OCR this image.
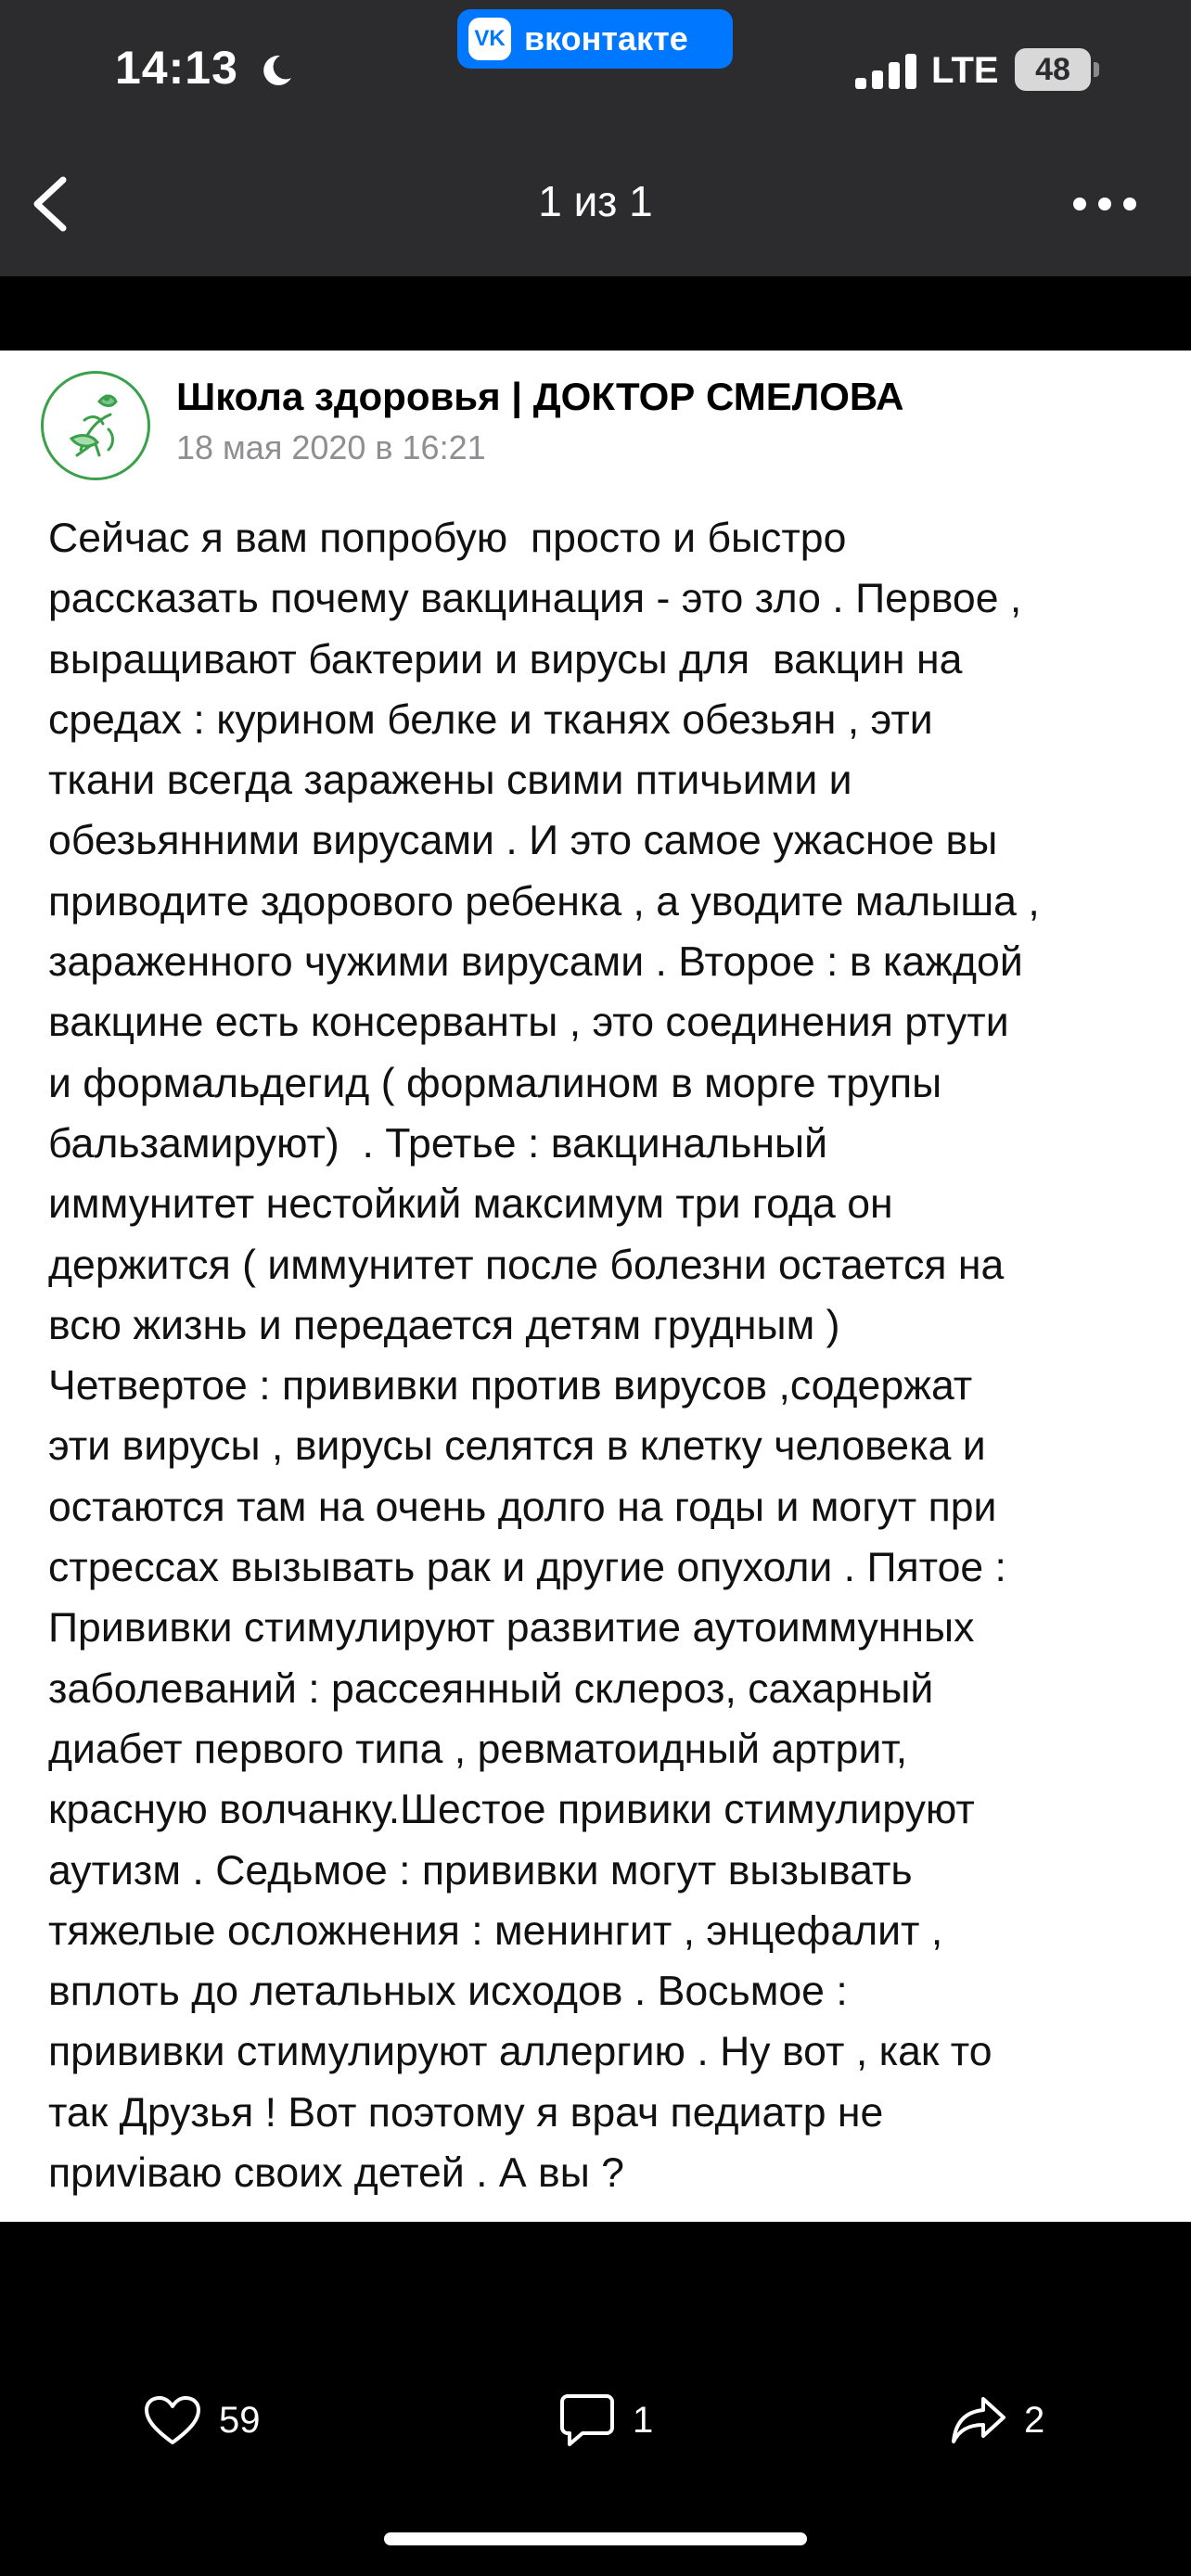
14:13
VK вконтакте
LTE	48
1 из 1
Школа здоровья | ДОКТОР СМЕЛОВА
18 мая 2020 в 16:21
Сейчас я вам попробую  просто и быстро
рассказать почему вакцинация - это зло . Первое ,
выращивают бактерии и вирусы для  вакцин на
средах : курином белке и тканях обезьян , эти
ткани всегда заражены свими птичьими и
обезьянними вирусами . И это самое ужасное вы
приводите здорового ребенка , а уводите малыша ,
зараженного чужими вирусами . Второе : в каждой
вакцине есть консерванты , это соединения ртути
и формальдегид ( формалином в морге трупы
бальзамируют)  . Третье : вакцинальный
иммунитет нестойкий максимум три года он
держится ( иммунитет после болезни остается на
всю жизнь и передается детям грудным )
Четвертое : прививки против вирусов ,содержат
эти вирусы , вирусы селятся в клетку человека и
остаются там на очень долго на годы и могут при
стрессах вызывать рак и другие опухоли . Пятое :
Прививки стимулируют развитие аутоиммунных
заболеваний : рассеянный склероз, сахарный
диабет первого типа , ревматоидный артрит,
красную волчанку.Шестое привики стимулируют
аутизм . Седьмое : прививки могут вызывать
тяжелые осложнения : менингит , энцефалит ,
вплоть до летальных исходов . Восьмое :
прививки стимулируют аллергию . Ну вот , как то
так Друзья ! Вот поэтому я врач педиатр не
приviваю своих детей . А вы ?
59	1	2
